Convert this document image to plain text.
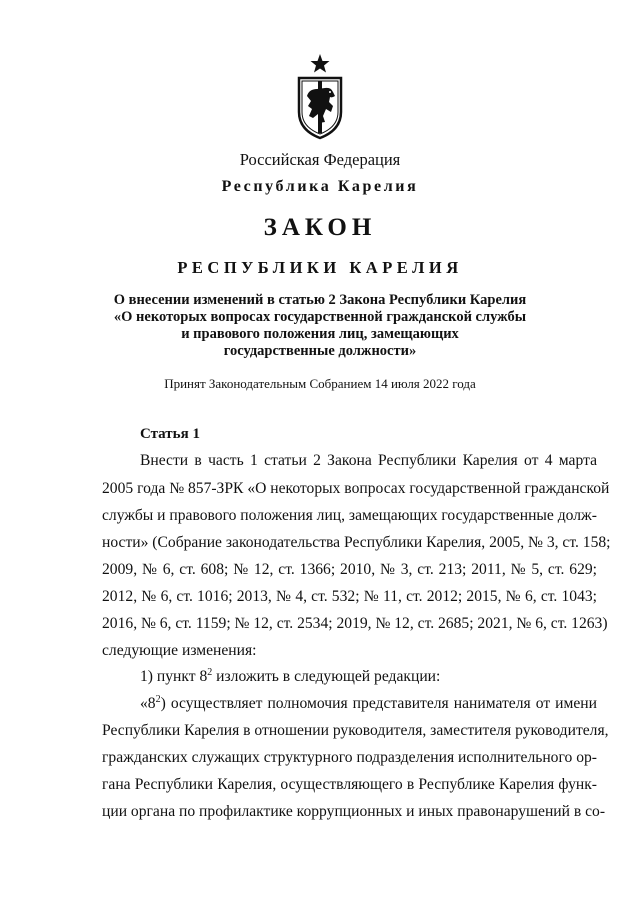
Российская Федерация
Республика Карелия
ЗАКОН
РЕСПУБЛИКИ КАРЕЛИЯ
О внесении изменений в статью 2 Закона Республики Карелия
«О некоторых вопросах государственной гражданской службы
и правового положения лиц, замещающих
государственные должности»
Принят Законодательным Собранием 14 июля 2022 года
Статья 1
Внести в часть 1 статьи 2 Закона Республики Карелия от 4 марта
2005 года № 857-ЗРК «О некоторых вопросах государственной гражданской
службы и правового положения лиц, замещающих государственные долж-
ности» (Собрание законодательства Республики Карелия, 2005, № 3, ст. 158;
2009, № 6, ст. 608; № 12, ст. 1366; 2010, № 3, ст. 213; 2011, № 5, ст. 629;
2012, № 6, ст. 1016; 2013, № 4, ст. 532; № 11, ст. 2012; 2015, № 6, ст. 1043;
2016, № 6, ст. 1159; № 12, ст. 2534; 2019, № 12, ст. 2685; 2021, № 6, ст. 1263)
следующие изменения:
1) пункт $8^2$ изложить в следующей редакции:
«$8^2$) осуществляет полномочия представителя нанимателя от имени
Республики Карелия в отношении руководителя, заместителя руководителя,
гражданских служащих структурного подразделения исполнительного ор-
гана Республики Карелия, осуществляющего в Республике Карелия функ-
ции органа по профилактике коррупционных и иных правонарушений в со-
